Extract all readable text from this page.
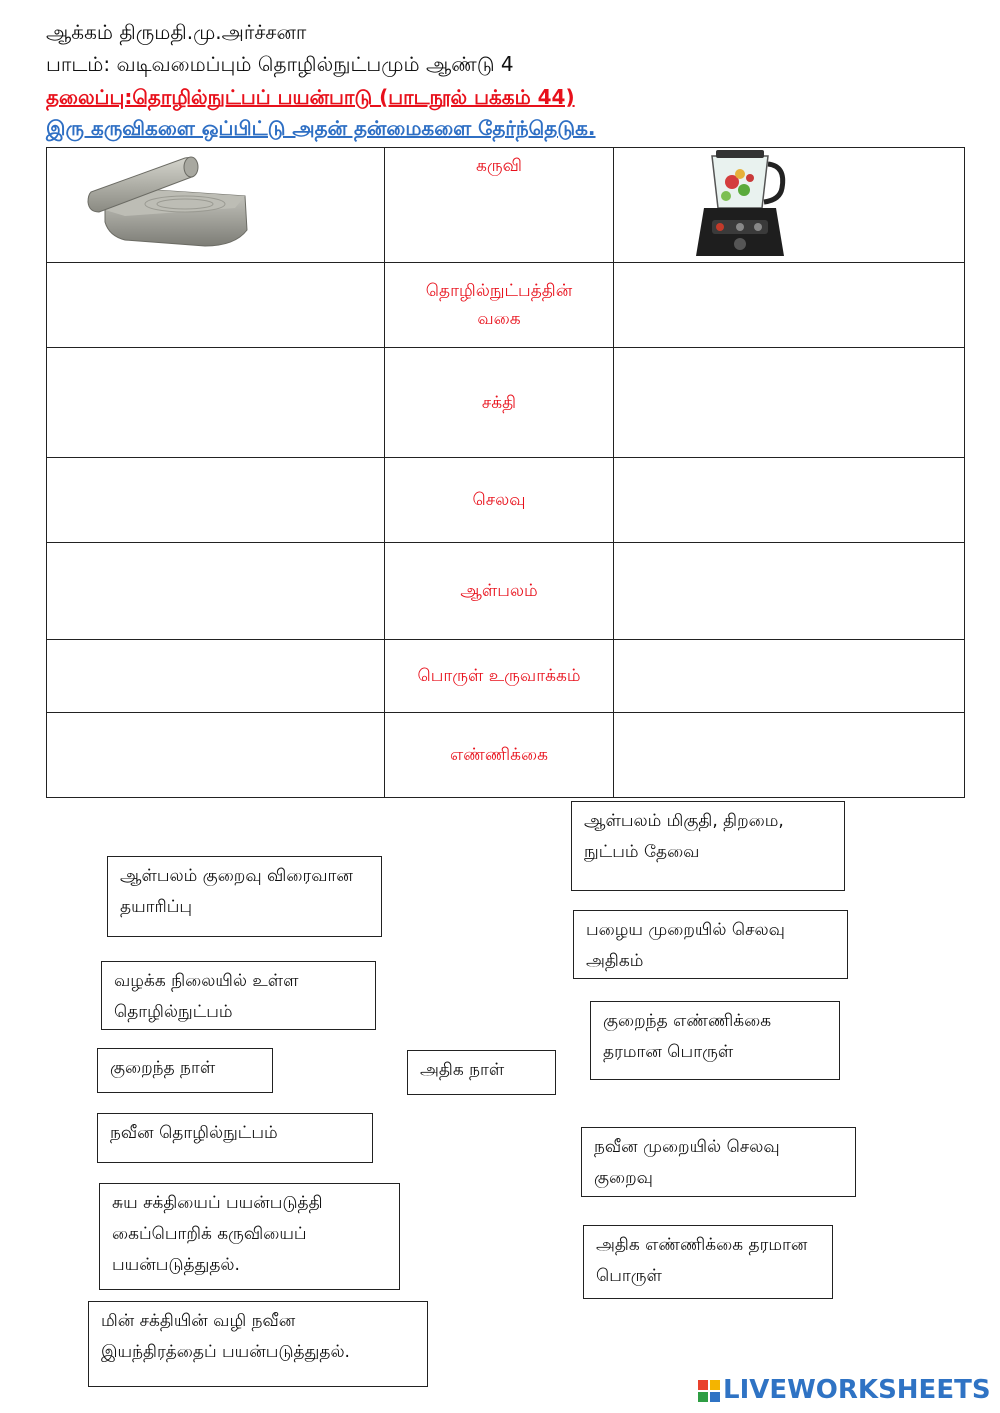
ஆக்கம் திருமதி.மு.அர்ச்சனா
பாடம்: வடிவமைப்பும் தொழில்நுட்பமும் ஆண்டு 4
தலைப்பு:தொழில்நுட்பப் பயன்பாடு (பாடநூல் பக்கம் 44)
இரு கருவிகளை ஒப்பிட்டு அதன் தன்மைகளை தேர்ந்தெடுக.
	கருவி	

	தொழில்நுட்பத்தின் வகை	
	சக்தி	
	செலவு	
	ஆள்பலம்	
	பொருள் உருவாக்கம்	
	எண்ணிக்கை	
ஆள்பலம் மிகுதி, திறமை, நுட்பம் தேவை
ஆள்பலம் குறைவு விரைவான தயாரிப்பு
பழைய முறையில் செலவு அதிகம்
வழக்க நிலையில் உள்ள தொழில்நுட்பம்	குறைந்த எண்ணிக்கை தரமான பொருள்
குறைந்த நாள்	அதிக நாள்
நவீன தொழில்நுட்பம்
நவீன முறையில் செலவு குறைவு
சுய சக்தியைப் பயன்படுத்தி கைப்பொறிக் கருவியைப் பயன்படுத்துதல்.
அதிக எண்ணிக்கை தரமான பொருள்
மின் சக்தியின் வழி நவீன இயந்திரத்தைப் பயன்படுத்துதல்.
LIVEWORKSHEETS
